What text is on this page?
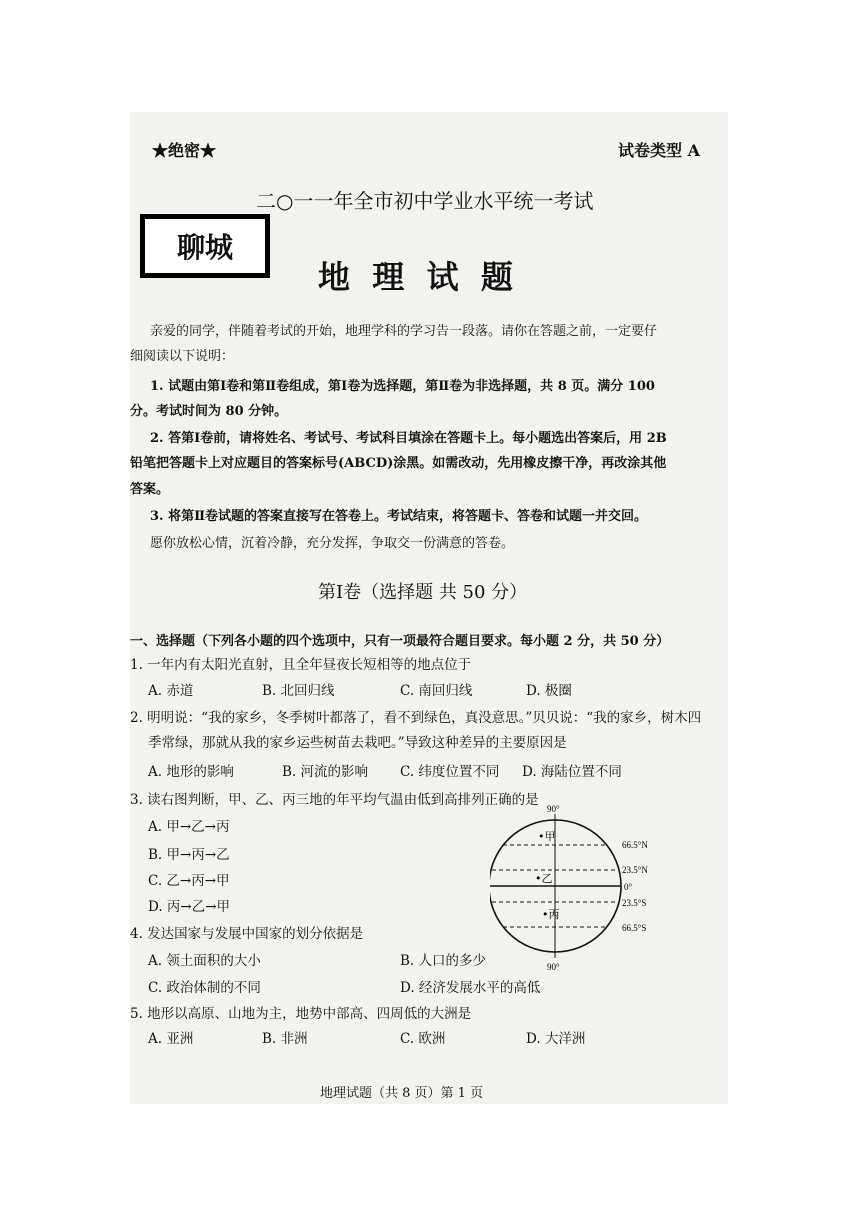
★绝密★	试卷类型 A
二○一一年全市初中学业水平统一考试
聊城
地  理  试  题
亲爱的同学，伴随着考试的开始，地理学科的学习告一段落。请你在答题之前，一定要仔
细阅读以下说明：
1. 试题由第Ⅰ卷和第Ⅱ卷组成，第Ⅰ卷为选择题，第Ⅱ卷为非选择题，共 8 页。满分 100
分。考试时间为 80 分钟。
2. 答第Ⅰ卷前，请将姓名、考试号、考试科目填涂在答题卡上。每小题选出答案后，用 2B
铅笔把答题卡上对应题目的答案标号(ABCD)涂黑。如需改动，先用橡皮擦干净，再改涂其他
答案。
3. 将第Ⅱ卷试题的答案直接写在答卷上。考试结束，将答题卡、答卷和试题一并交回。
愿你放松心情，沉着冷静，充分发挥，争取交一份满意的答卷。
第Ⅰ卷（选择题 共 50 分）
一、选择题（下列各小题的四个选项中，只有一项最符合题目要求。每小题 2 分，共 50 分）
1. 一年内有太阳光直射，且全年昼夜长短相等的地点位于
A. 赤道	B. 北回归线	C. 南回归线	D. 极圈
2. 明明说：“我的家乡，冬季树叶都落了，看不到绿色，真没意思。”贝贝说：“我的家乡，树木四
季常绿，那就从我的家乡运些树苗去栽吧。”导致这种差异的主要原因是
A. 地形的影响	B. 河流的影响 C. 纬度位置不同 D. 海陆位置不同
3. 读右图判断，甲、乙、丙三地的年平均气温由低到高排列正确的是
A. 甲→乙→丙
B. 甲→丙→乙
C. 乙→丙→甲
D. 丙→乙→甲
90°
90°
66.5°N
23.5°N
0°
23.5°S
66.5°S
•甲
•乙
•丙
4. 发达国家与发展中国家的划分依据是
A. 领土面积的大小	B. 人口的多少
C. 政治体制的不同	D. 经济发展水平的高低
5. 地形以高原、山地为主，地势中部高、四周低的大洲是
A. 亚洲	B. 非洲	C. 欧洲	D. 大洋洲
地理试题（共 8 页）第 1 页
